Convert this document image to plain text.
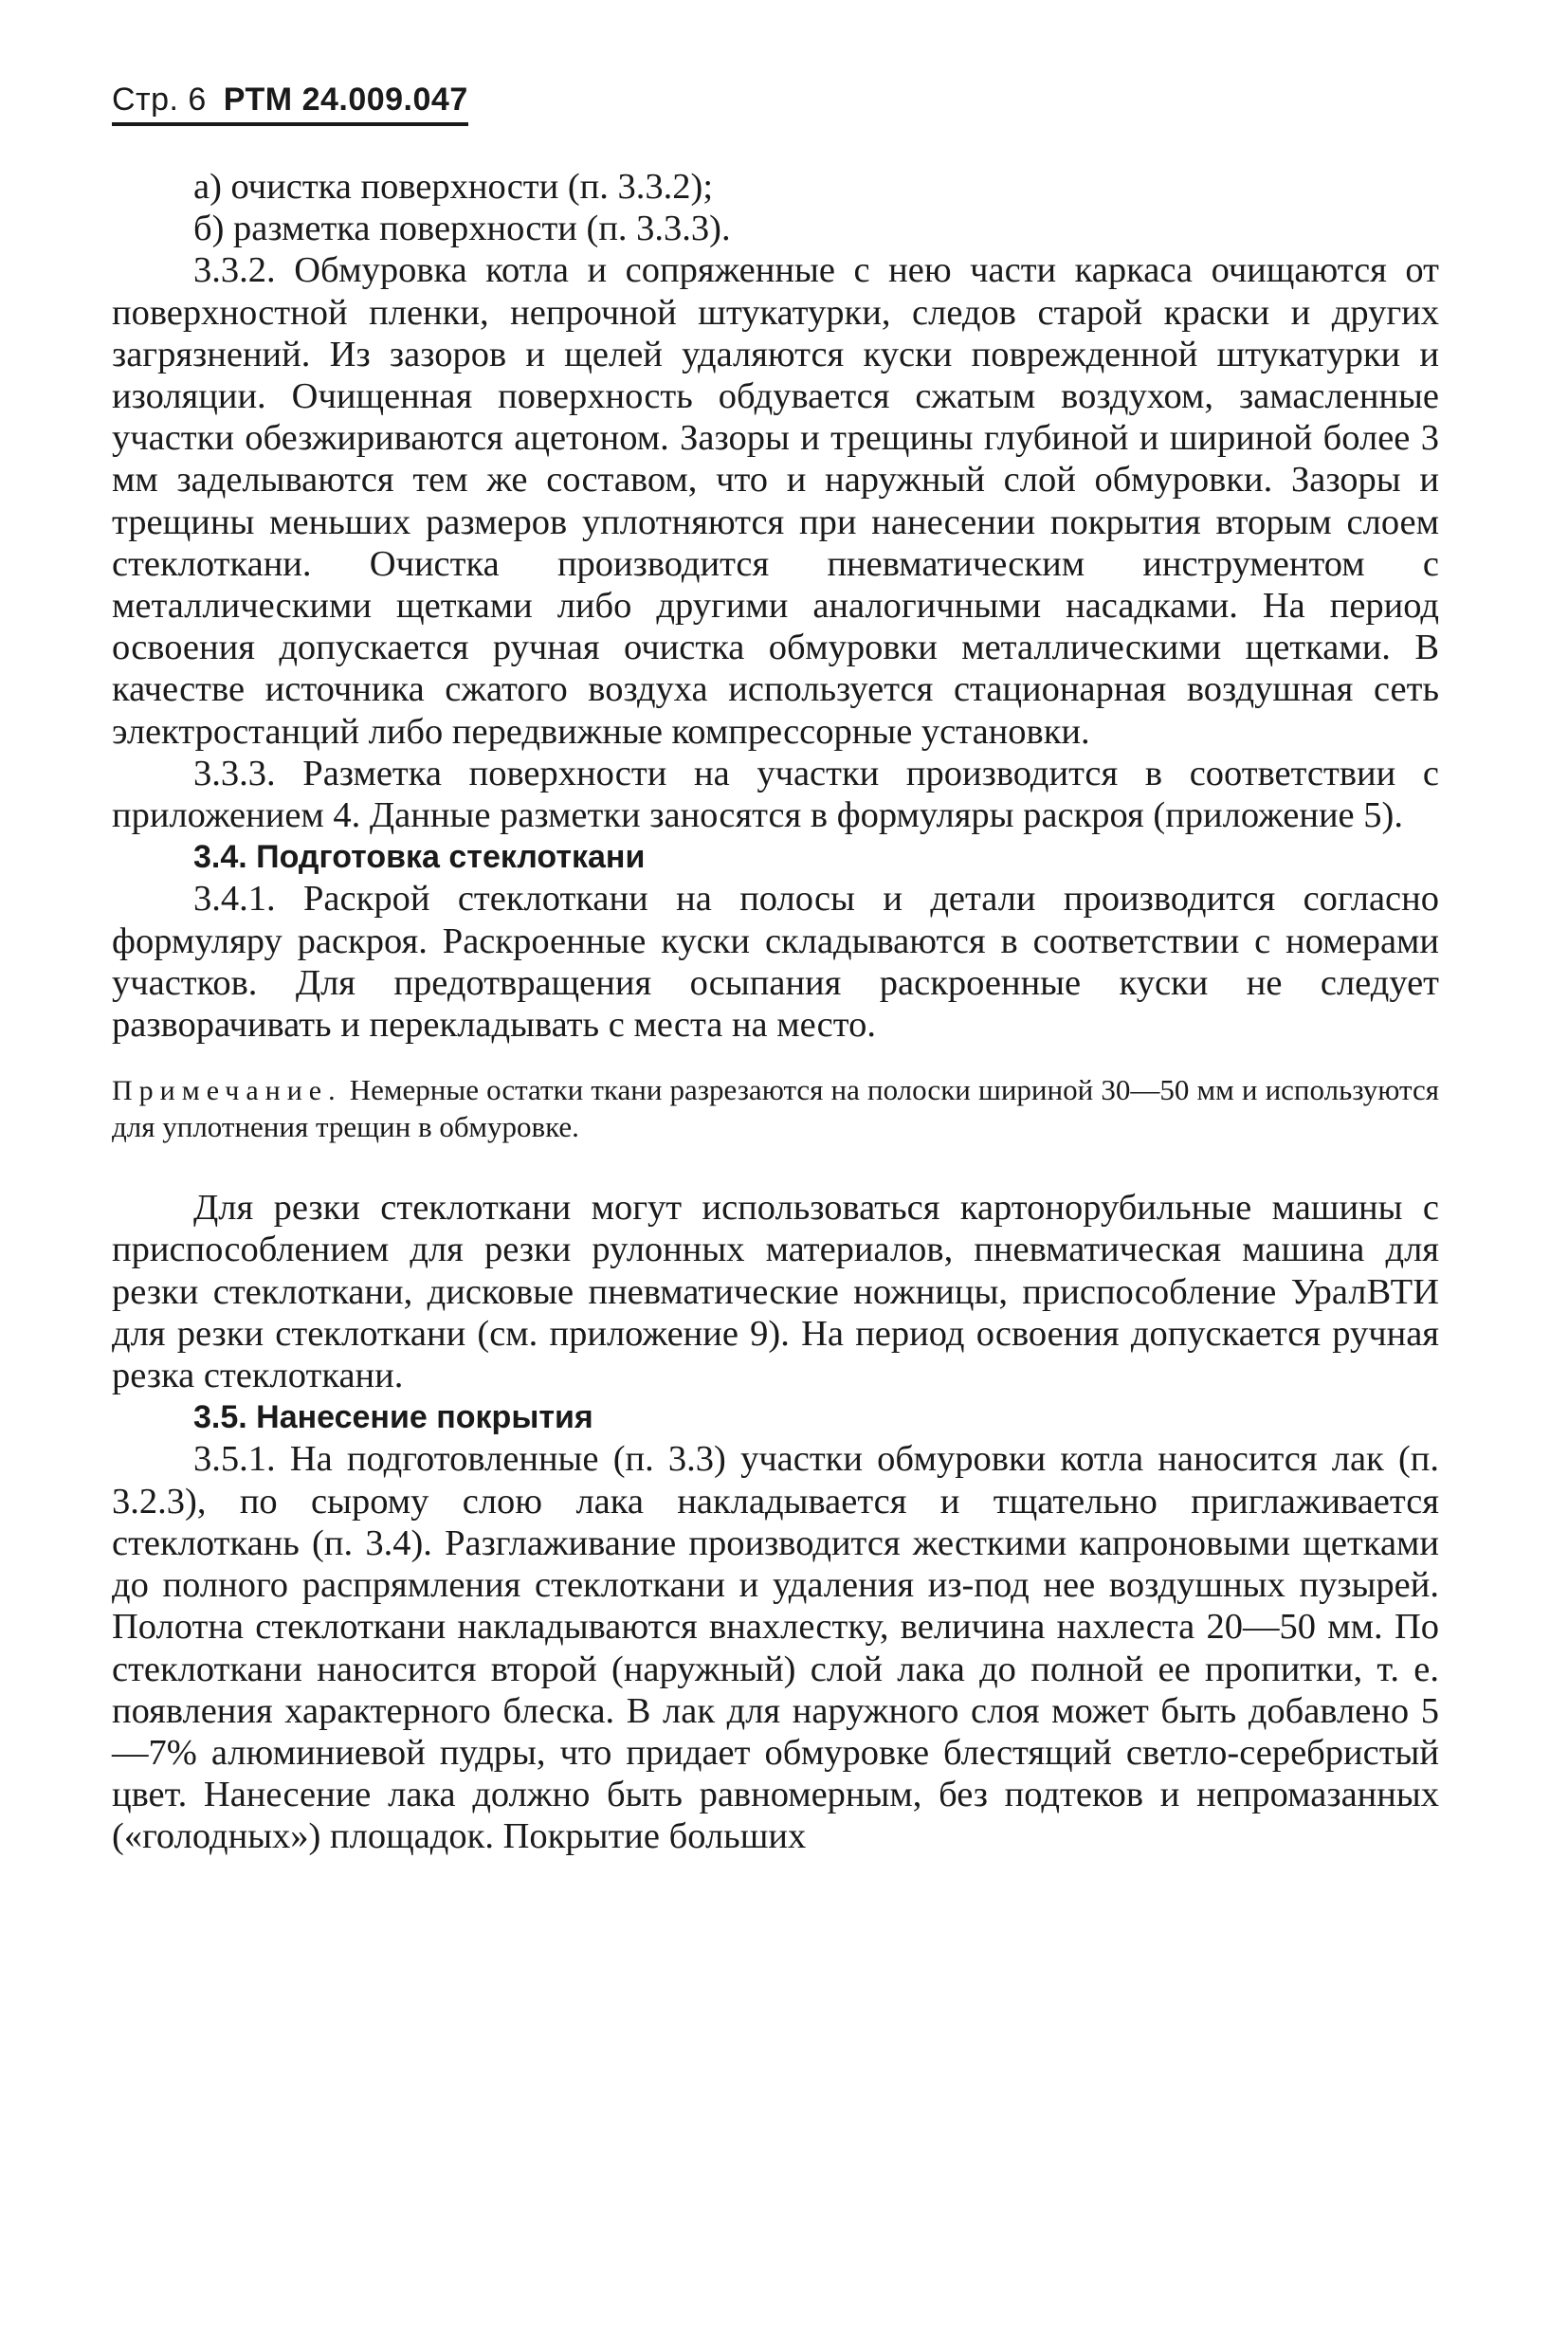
Стр. 6 РТМ 24.009.047

а) очистка поверхности (п. 3.3.2);

б) разметка поверхности (п. 3.3.3).

3.3.2. Обмуровка котла и сопряженные с нею части каркаса очищаются от поверхностной пленки, непрочной штукатурки, следов старой краски и других загрязнений. Из зазоров и щелей удаляются куски поврежденной штукатурки и изоляции. Очищенная поверхность обдувается сжатым воздухом, замасленные участки обезжириваются ацетоном. Зазоры и трещины глубиной и шириной более 3 мм заделываются тем же составом, что и наружный слой обмуровки. Зазоры и трещины меньших размеров уплотняются при нанесении покрытия вторым слоем стеклоткани. Очистка производится пневматическим инструментом с металлическими щетками либо другими аналогичными насадками. На период освоения допускается ручная очистка обмуровки металлическими щетками. В качестве источника сжатого воздуха используется стационарная воздушная сеть электростанций либо передвижные компрессорные установки.

3.3.3. Разметка поверхности на участки производится в соответствии с приложением 4. Данные разметки заносятся в формуляры раскроя (приложение 5).

3.4. Подготовка стеклоткани

3.4.1. Раскрой стеклоткани на полосы и детали производится согласно формуляру раскроя. Раскроенные куски складываются в соответствии с номерами участков. Для предотвращения осыпания раскроенные куски не следует разворачивать и перекладывать с места на место.

Примечание. Немерные остатки ткани разрезаются на полоски шириной 30—50 мм и используются для уплотнения трещин в обмуровке.

Для резки стеклоткани могут использоваться картонорубильные машины с приспособлением для резки рулонных материалов, пневматическая машина для резки стеклоткани, дисковые пневматические ножницы, приспособление УралВТИ для резки стеклоткани (см. приложение 9). На период освоения допускается ручная резка стеклоткани.

3.5. Нанесение покрытия

3.5.1. На подготовленные (п. 3.3) участки обмуровки котла наносится лак (п. 3.2.3), по сырому слою лака накладывается и тщательно приглаживается стеклоткань (п. 3.4). Разглаживание производится жесткими капроновыми щетками до полного распрямления стеклоткани и удаления из-под нее воздушных пузырей. Полотна стеклоткани накладываются внахлестку, величина нахлеста 20—50 мм. По стеклоткани наносится второй (наружный) слой лака до полной ее пропитки, т. е. появления характерного блеска. В лак для наружного слоя может быть добавлено 5—7% алюминиевой пудры, что придает обмуровке блестящий светло-серебристый цвет. Нанесение лака должно быть равномерным, без подтеков и непромазанных («голодных») площадок. Покрытие больших
